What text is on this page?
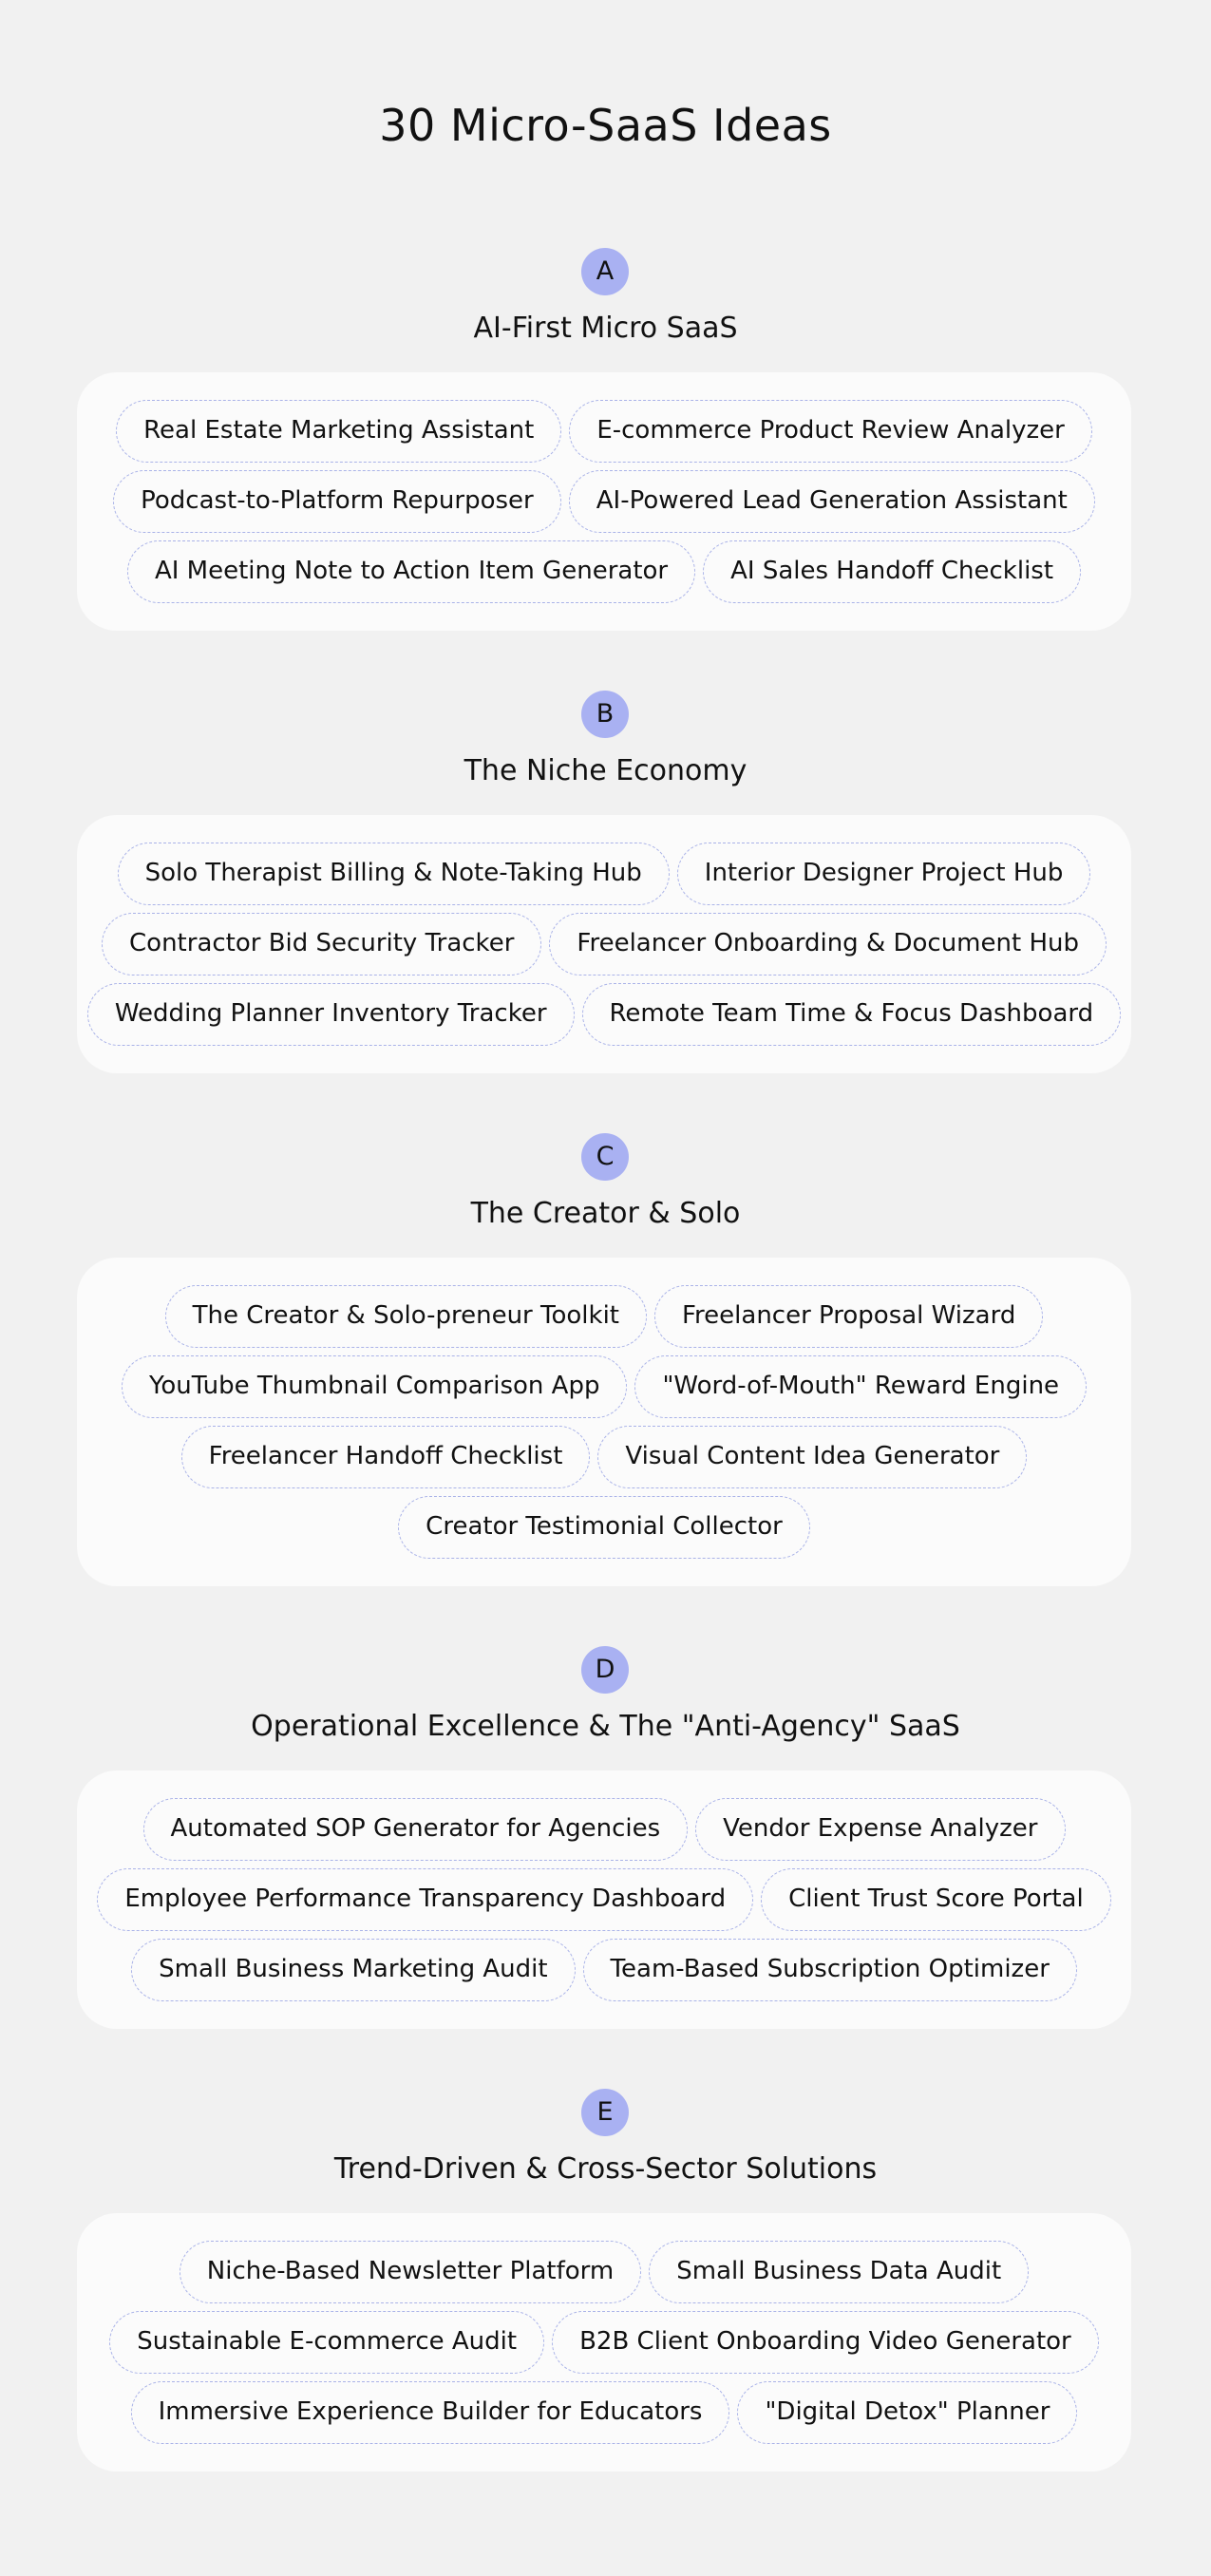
30 Micro-SaaS Ideas
A
AI-First Micro SaaS
Real Estate Marketing Assistant	E-commerce Product Review Analyzer
Podcast-to-Platform Repurposer	AI-Powered Lead Generation Assistant
AI Meeting Note to Action Item Generator	AI Sales Handoff Checklist
B
The Niche Economy
Solo Therapist Billing & Note-Taking Hub	Interior Designer Project Hub
Contractor Bid Security Tracker	Freelancer Onboarding & Document Hub
Wedding Planner Inventory Tracker	Remote Team Time & Focus Dashboard
C
The Creator & Solo
The Creator & Solo-preneur Toolkit	Freelancer Proposal Wizard
YouTube Thumbnail Comparison App	"Word-of-Mouth" Reward Engine
Freelancer Handoff Checklist	Visual Content Idea Generator
Creator Testimonial Collector
D
Operational Excellence & The "Anti-Agency" SaaS
Automated SOP Generator for Agencies	Vendor Expense Analyzer
Employee Performance Transparency Dashboard	Client Trust Score Portal
Small Business Marketing Audit	Team-Based Subscription Optimizer
E
Trend-Driven & Cross-Sector Solutions
Niche-Based Newsletter Platform	Small Business Data Audit
Sustainable E-commerce Audit	B2B Client Onboarding Video Generator
Immersive Experience Builder for Educators	"Digital Detox" Planner
